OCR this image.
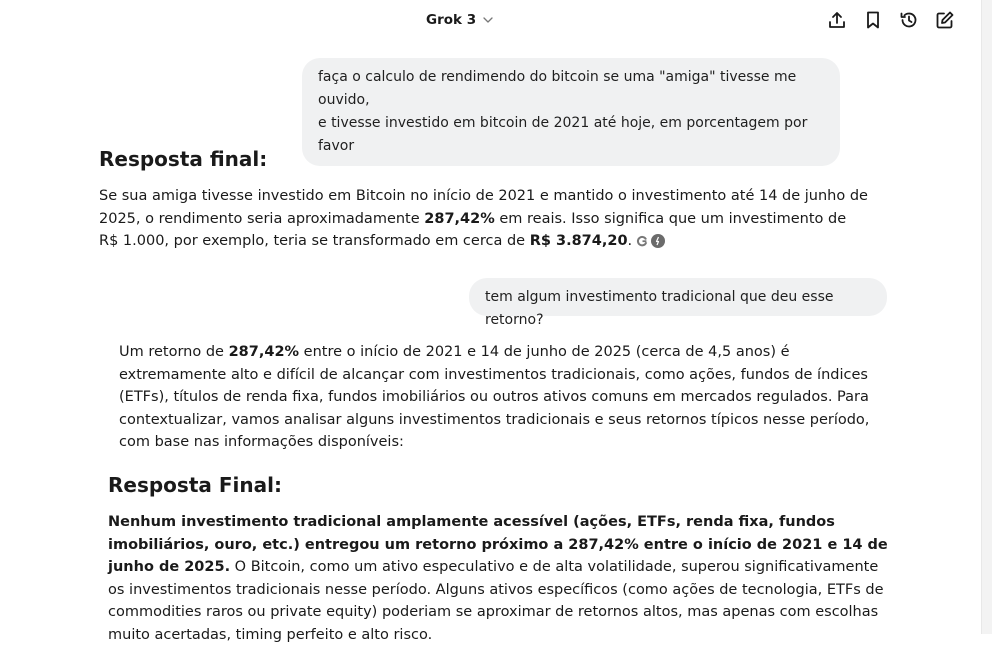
Grok 3
faça o calculo de rendimendo do bitcoin se uma "amiga" tivesse me ouvido,
e tivesse investido em bitcoin de 2021 até hoje, em porcentagem por favor
Resposta final:
Se sua amiga tivesse investido em Bitcoin no início de 2021 e mantido o investimento até 14 de junho de 2025, o rendimento seria aproximadamente 287,42% em reais. Isso significa que um investimento de R$ 1.000, por exemplo, teria se transformado em cerca de R$ 3.874,20.
tem algum investimento tradicional que deu esse retorno?
Um retorno de 287,42% entre o início de 2021 e 14 de junho de 2025 (cerca de 4,5 anos) é extremamente alto e difícil de alcançar com investimentos tradicionais, como ações, fundos de índices (ETFs), títulos de renda fixa, fundos imobiliários ou outros ativos comuns em mercados regulados. Para contextualizar, vamos analisar alguns investimentos tradicionais e seus retornos típicos nesse período, com base nas informações disponíveis:
Resposta Final:
Nenhum investimento tradicional amplamente acessível (ações, ETFs, renda fixa, fundos imobiliários, ouro, etc.) entregou um retorno próximo a 287,42% entre o início de 2021 e 14 de junho de 2025. O Bitcoin, como um ativo especulativo e de alta volatilidade, superou significativamente os investimentos tradicionais nesse período. Alguns ativos específicos (como ações de tecnologia, ETFs de commodities raros ou private equity) poderiam se aproximar de retornos altos, mas apenas com escolhas muito acertadas, timing perfeito e alto risco.
